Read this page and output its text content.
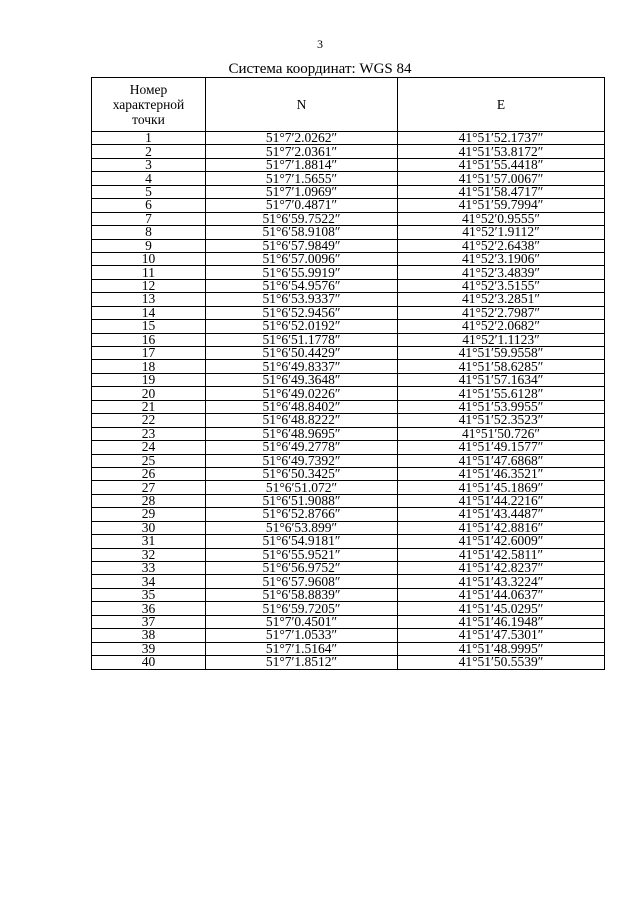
3
Система координат: WGS 84
Номер характерной точки	N	E
1	51°7′2.0262″	41°51′52.1737″
2	51°7′2.0361″	41°51′53.8172″
3	51°7′1.8814″	41°51′55.4418″
4	51°7′1.5655″	41°51′57.0067″
5	51°7′1.0969″	41°51′58.4717″
6	51°7′0.4871″	41°51′59.7994″
7	51°6′59.7522″	41°52′0.9555″
8	51°6′58.9108″	41°52′1.9112″
9	51°6′57.9849″	41°52′2.6438″
10	51°6′57.0096″	41°52′3.1906″
11	51°6′55.9919″	41°52′3.4839″
12	51°6′54.9576″	41°52′3.5155″
13	51°6′53.9337″	41°52′3.2851″
14	51°6′52.9456″	41°52′2.7987″
15	51°6′52.0192″	41°52′2.0682″
16	51°6′51.1778″	41°52′1.1123″
17	51°6′50.4429″	41°51′59.9558″
18	51°6′49.8337″	41°51′58.6285″
19	51°6′49.3648″	41°51′57.1634″
20	51°6′49.0226″	41°51′55.6128″
21	51°6′48.8402″	41°51′53.9955″
22	51°6′48.8222″	41°51′52.3523″
23	51°6′48.9695″	41°51′50.726″
24	51°6′49.2778″	41°51′49.1577″
25	51°6′49.7392″	41°51′47.6868″
26	51°6′50.3425″	41°51′46.3521″
27	51°6′51.072″	41°51′45.1869″
28	51°6′51.9088″	41°51′44.2216″
29	51°6′52.8766″	41°51′43.4487″
30	51°6′53.899″	41°51′42.8816″
31	51°6′54.9181″	41°51′42.6009″
32	51°6′55.9521″	41°51′42.5811″
33	51°6′56.9752″	41°51′42.8237″
34	51°6′57.9608″	41°51′43.3224″
35	51°6′58.8839″	41°51′44.0637″
36	51°6′59.7205″	41°51′45.0295″
37	51°7′0.4501″	41°51′46.1948″
38	51°7′1.0533″	41°51′47.5301″
39	51°7′1.5164″	41°51′48.9995″
40	51°7′1.8512″	41°51′50.5539″
